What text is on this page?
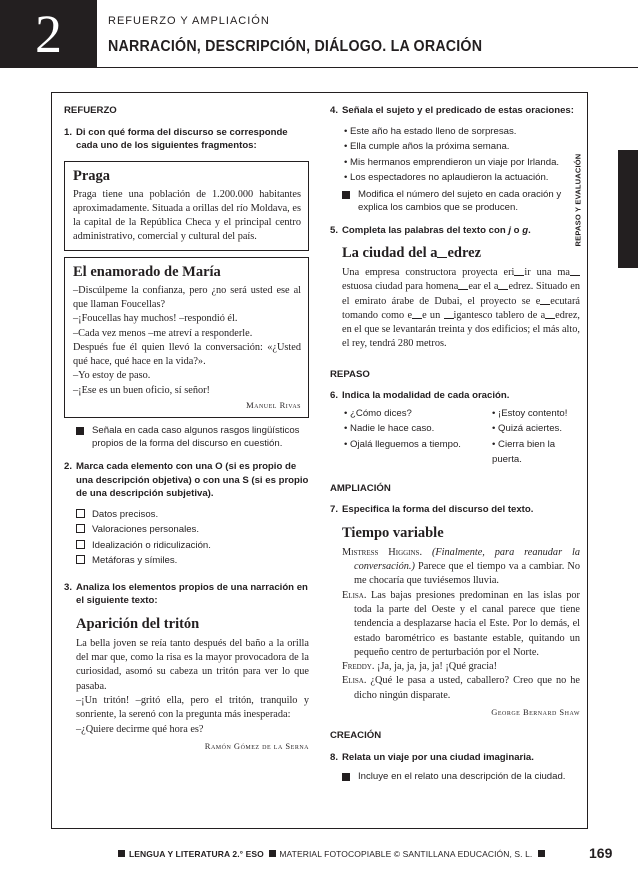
2	REFUERZO Y AMPLIACIÓN
NARRACIÓN, DESCRIPCIÓN, DIÁLOGO. LA ORACIÓN
REPASO Y EVALUACIÓN
REFUERZO
1. Di con qué forma del discurso se corresponde cada uno de los siguientes fragmentos:
Praga

Praga tiene una población de 1.200.000 habitantes aproximadamente. Situada a orillas del río Moldava, es la capital de la República Checa y el principal centro administrativo, comercial y cultural del país.

El enamorado de María

–Discúlpeme la confianza, pero ¿no será usted ese al que llaman Foucellas?

–¡Foucellas hay muchos! –respondió él.

–Cada vez menos –me atreví a responderle.

Después fue él quien llevó la conversación: «¿Usted qué hace, qué hace en la vida?».

–Yo estoy de paso.

–¡Ese es un buen oficio, sí señor!

Manuel Rivas
Señala en cada caso algunos rasgos lingüísticos propios de la forma del discurso en cuestión.
2. Marca cada elemento con una O (si es propio de una descripción objetiva) o con una S (si es propio de una descripción subjetiva).
Datos precisos.
Valoraciones personales.
Idealización o ridiculización.
Metáforas y símiles.
3. Analiza los elementos propios de una narración en el siguiente texto:
Aparición del tritón

La bella joven se reía tanto después del baño a la orilla del mar que, como la risa es la mayor provocadora de la curiosidad, asomó su cabeza un tritón para ver lo que pasaba.

–¡Un tritón! –gritó ella, pero el tritón, tranquilo y sonriente, la serenó con la pregunta más inesperada:

–¿Quiere decirme qué hora es?

Ramón Gómez de la Serna
4. Señala el sujeto y el predicado de estas oraciones:
• Este año ha estado lleno de sorpresas.
• Ella cumple años la próxima semana.
• Mis hermanos emprendieron un viaje por Irlanda.
• Los espectadores no aplaudieron la actuación.
Modifica el número del sujeto en cada oración y explica los cambios que se producen.
5. Completa las palabras del texto con j o g.
La ciudad del a edrez

Una empresa constructora proyecta eri ir una maestuosa ciudad para homena ear el a edrez. Situado en el emirato árabe de Dubai, el proyecto se e ecutará tomando como e e un igantesco tablero de a edrez, en el que se levantarán treinta y dos edificios; el más alto, el rey, tendrá 280 metros.

REPASO
6. Indica la modalidad de cada oración.
• ¿Cómo dices?	• ¡Estoy contento!
• Nadie le hace caso.	• Quizá aciertes.
• Ojalá lleguemos a tiempo.	• Cierra bien la puerta.
AMPLIACIÓN
7. Especifica la forma del discurso del texto.
Tiempo variable

Mistress Higgins. (Finalmente, para reanudar la conversación.) Parece que el tiempo va a cambiar. No me chocaría que tuviésemos lluvia.

Elisa. Las bajas presiones predominan en las islas por toda la parte del Oeste y el canal parece que tiene tendencia a desplazarse hacia el Este. Por lo demás, el estado barométrico es bastante estable, quitando un pequeño centro de perturbación por el Norte.

Freddy. ¡Ja, ja, ja, ja, ja! ¡Qué gracia!

Elisa. ¿Qué le pasa a usted, caballero? Creo que no he dicho ningún disparate.

George Bernard Shaw
CREACIÓN
8. Relata un viaje por una ciudad imaginaria.
Incluye en el relato una descripción de la ciudad.
LENGUA Y LITERATURA 2.° ESO MATERIAL FOTOCOPIABLE © SANTILLANA EDUCACIÓN, S. L.	169
